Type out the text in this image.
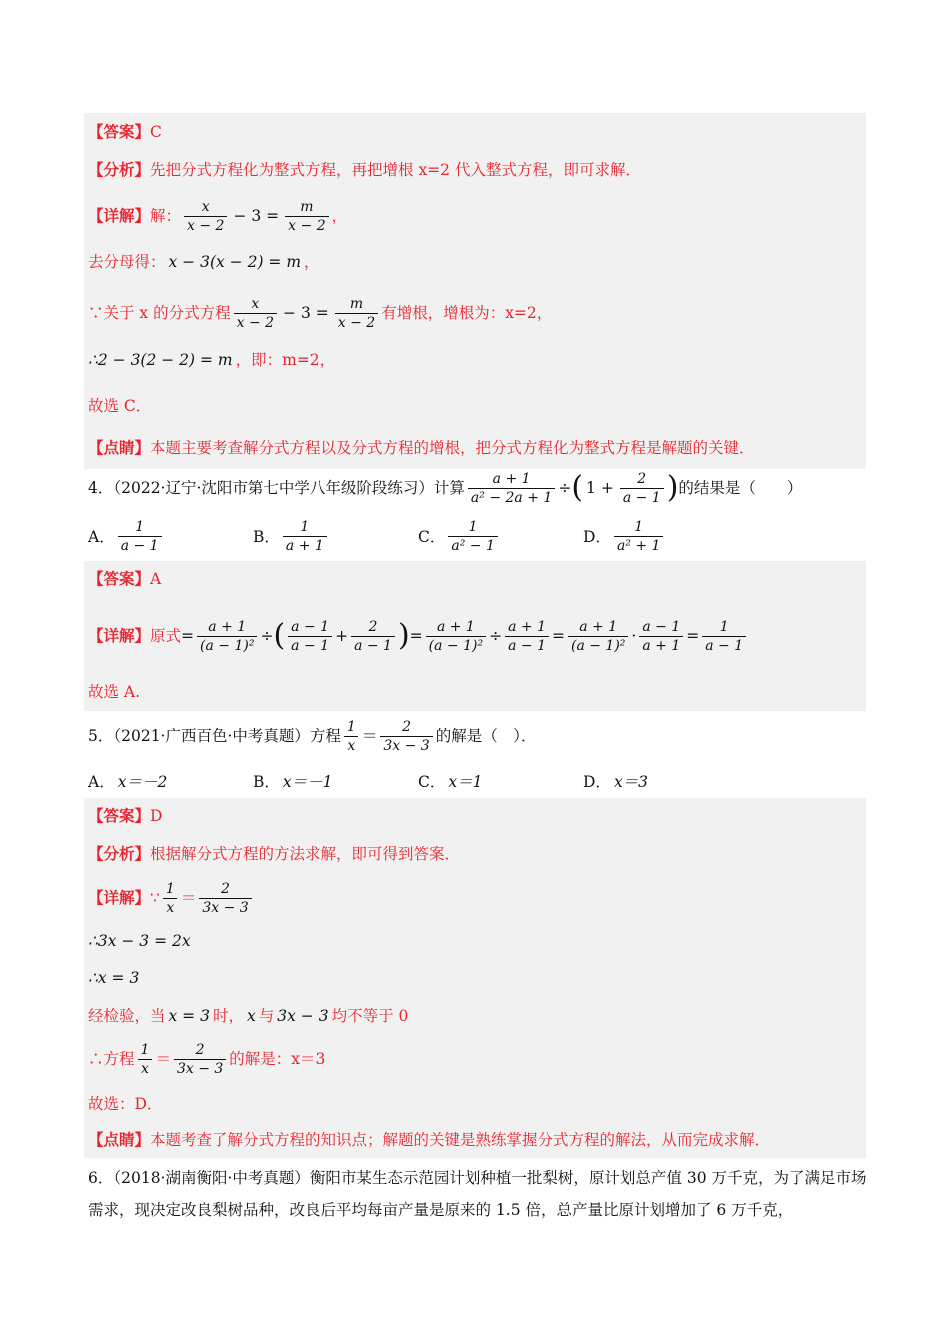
【答案】 C
【分析】 先把分式方程化为整式方程，再把增根 x=2 代入整式方程，即可求解．
【详解】 解： $\frac{x}{x - 2} - 3 = \frac{m}{x - 2}$ ，
去分母得： x − 3(x − 2) = m ，
∵关于 x 的分式方程 $\frac{x}{x - 2} - 3 = \frac{m}{x - 2}$ 有增根，增根为：x=2，
∴2 − 3(2 − 2) = m ，即：m=2，
故选 C．
【点睛】 本题主要考查解分式方程以及分式方程的增根，把分式方程化为整式方程是解题的关键．
4．（2022·辽宁·沈阳市第七中学八年级阶段练习）计算 $\frac{a + 1}{\text{a² − 2a + 1}}$ ÷ ( $1 + \frac{2}{a - 1}$ ) 的结果是（　　）
A． $\frac{1}{a - 1}$	B． $\frac{1}{a + 1}$	C． $\frac{1}{\text{a² − 1}}$	D． $\frac{1}{\text{a² + 1}}$
【答案】 A
【详解】 原式 = $\frac{a + 1}{\text{(a − 1)²}}$ ÷ ( $\frac{a - 1}{a - 1} + \frac{2}{a - 1}$ ) = $\frac{a + 1}{\text{(a − 1)²}} \div \frac{a + 1}{a - 1} = \frac{a + 1}{\text{(a − 1)²}} \cdot \frac{a - 1}{a + 1} = \frac{1}{a - 1}$
故选 A.
5．（2021·广西百色·中考真题）方程 $\frac{1}{x} = \frac{2}{3x - 3}$ 的解是（　）．
A． x＝－2	B． x＝－1	C． x＝1	D． x＝3
【答案】 D
【分析】 根据解分式方程的方法求解，即可得到答案．
【详解】 ∵ $\frac{1}{x} = \frac{2}{3x - 3}$
∴3x − 3 = 2x
∴x = 3
经检验，当 x = 3 时， x 与 3x − 3 均不等于 0
∴方程 $\frac{1}{x} = \frac{2}{3x - 3}$ 的解是：x＝3
故选：D．
【点睛】 本题考查了解分式方程的知识点；解题的关键是熟练掌握分式方程的解法，从而完成求解．
6．（2018·湖南衡阳·中考真题）衡阳市某生态示范园计划种植一批梨树，原计划总产值 30 万千克，为了满足市场需求，现决定改良梨树品种，改良后平均每亩产量是原来的 1.5 倍，总产量比原计划增加了 6 万千克，
